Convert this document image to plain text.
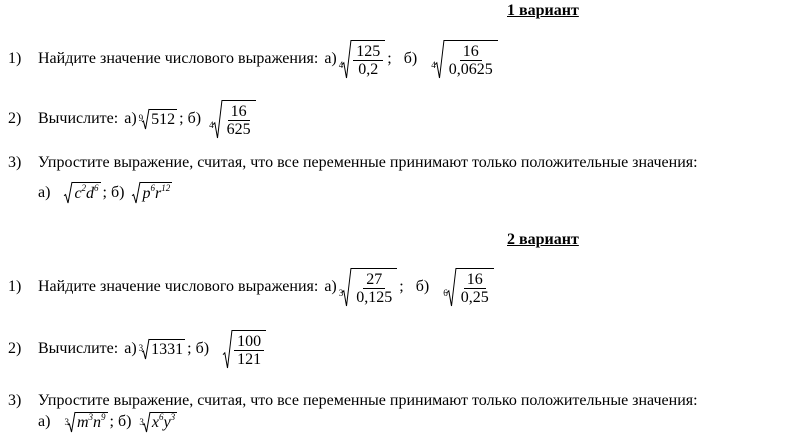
1 вариант
1)	Найдите значение числового выражения: а) $4 \frac{125}{0,2}$ ; б) $4 \frac{16}{0,0625}$
2)	Вычислите: а) 9 512 ; б) $4 \frac{16}{625}$
3)	Упростите выражение, считая, что все переменные принимают только положительные значения:
а) $c^2d^6$ ; б) $p^6r^{12}$
2 вариант
1)	Найдите значение числового выражения: а) $3 \frac{27}{0,125}$ ; б) $6 \frac{16}{0,25}$
2)	Вычислите: а) 3 1331 ; $б) \frac{100}{121}$
3)	Упростите выражение, считая, что все переменные принимают только положительные значения:
а) 3 $m^3n^9$ ; б) 3 $x^6y^3$
